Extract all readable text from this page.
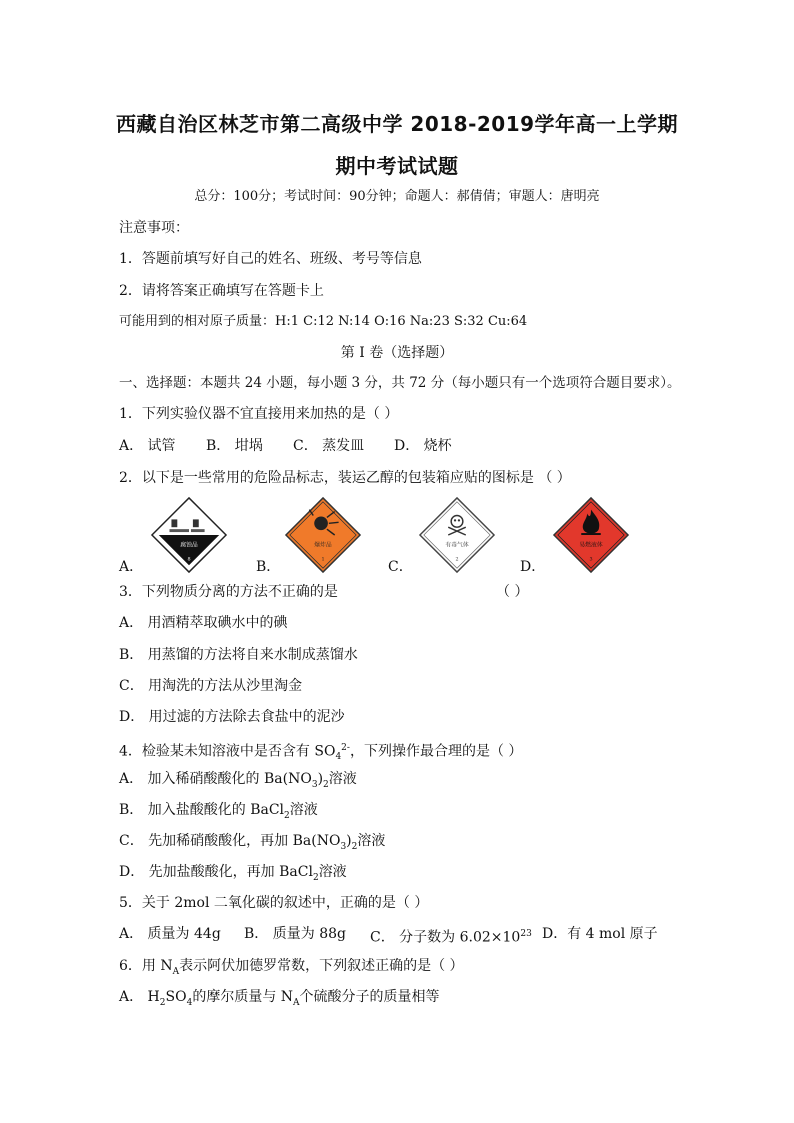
西藏自治区林芝市第二高级中学 2018-2019学年高一上学期
期中考试试题
总分：100分；考试时间：90分钟；命题人：郝倩倩；审题人：唐明亮
注意事项：
1．答题前填写好自己的姓名、班级、考号等信息
2．请将答案正确填写在答题卡上
可能用到的相对原子质量：H:1 C:12 N:14 O:16 Na:23 S:32 Cu:64
第 I 卷（选择题）
一、选择题：本题共 24 小题，每小题 3 分，共 72 分（每小题只有一个选项符合题目要求）。
1．下列实验仪器不宜直接用来加热的是（ ）
A． 试管 B． 坩埚 C． 蒸发皿 D． 烧杯
2．以下是一些常用的危险品标志，装运乙醇的包装箱应贴的图标是 （ ）
腐蚀品
8
A．
爆炸品
1
B．
有毒气体
2
C．
易燃液体
3
D．
3．下列物质分离的方法不正确的是	（ ）
A． 用酒精萃取碘水中的碘
B． 用蒸馏的方法将自来水制成蒸馏水
C． 用淘洗的方法从沙里淘金
D． 用过滤的方法除去食盐中的泥沙
4．检验某未知溶液中是否含有 $SO_4^{2-}$，下列操作最合理的是（ ）
A． 加入稀硝酸酸化的 $Ba(NO_3)_2$溶液
B． 加入盐酸酸化的 BaCl$_2$溶液
C． 先加稀硝酸酸化，再加 $Ba(NO_3)_2$溶液
D． 先加盐酸酸化，再加 BaCl$_2$溶液
5．关于 2mol 二氧化碳的叙述中，正确的是（ ）
A． 质量为 44g B． 质量为 88g C． 分子数为 $6.02\times 10^{23}$ D．有 4 mol 原子
6．用 $N_A$表示阿伏加德罗常数，下列叙述正确的是（ ）
A． $H_2SO_4$的摩尔质量与 $N_A$个硫酸分子的质量相等
